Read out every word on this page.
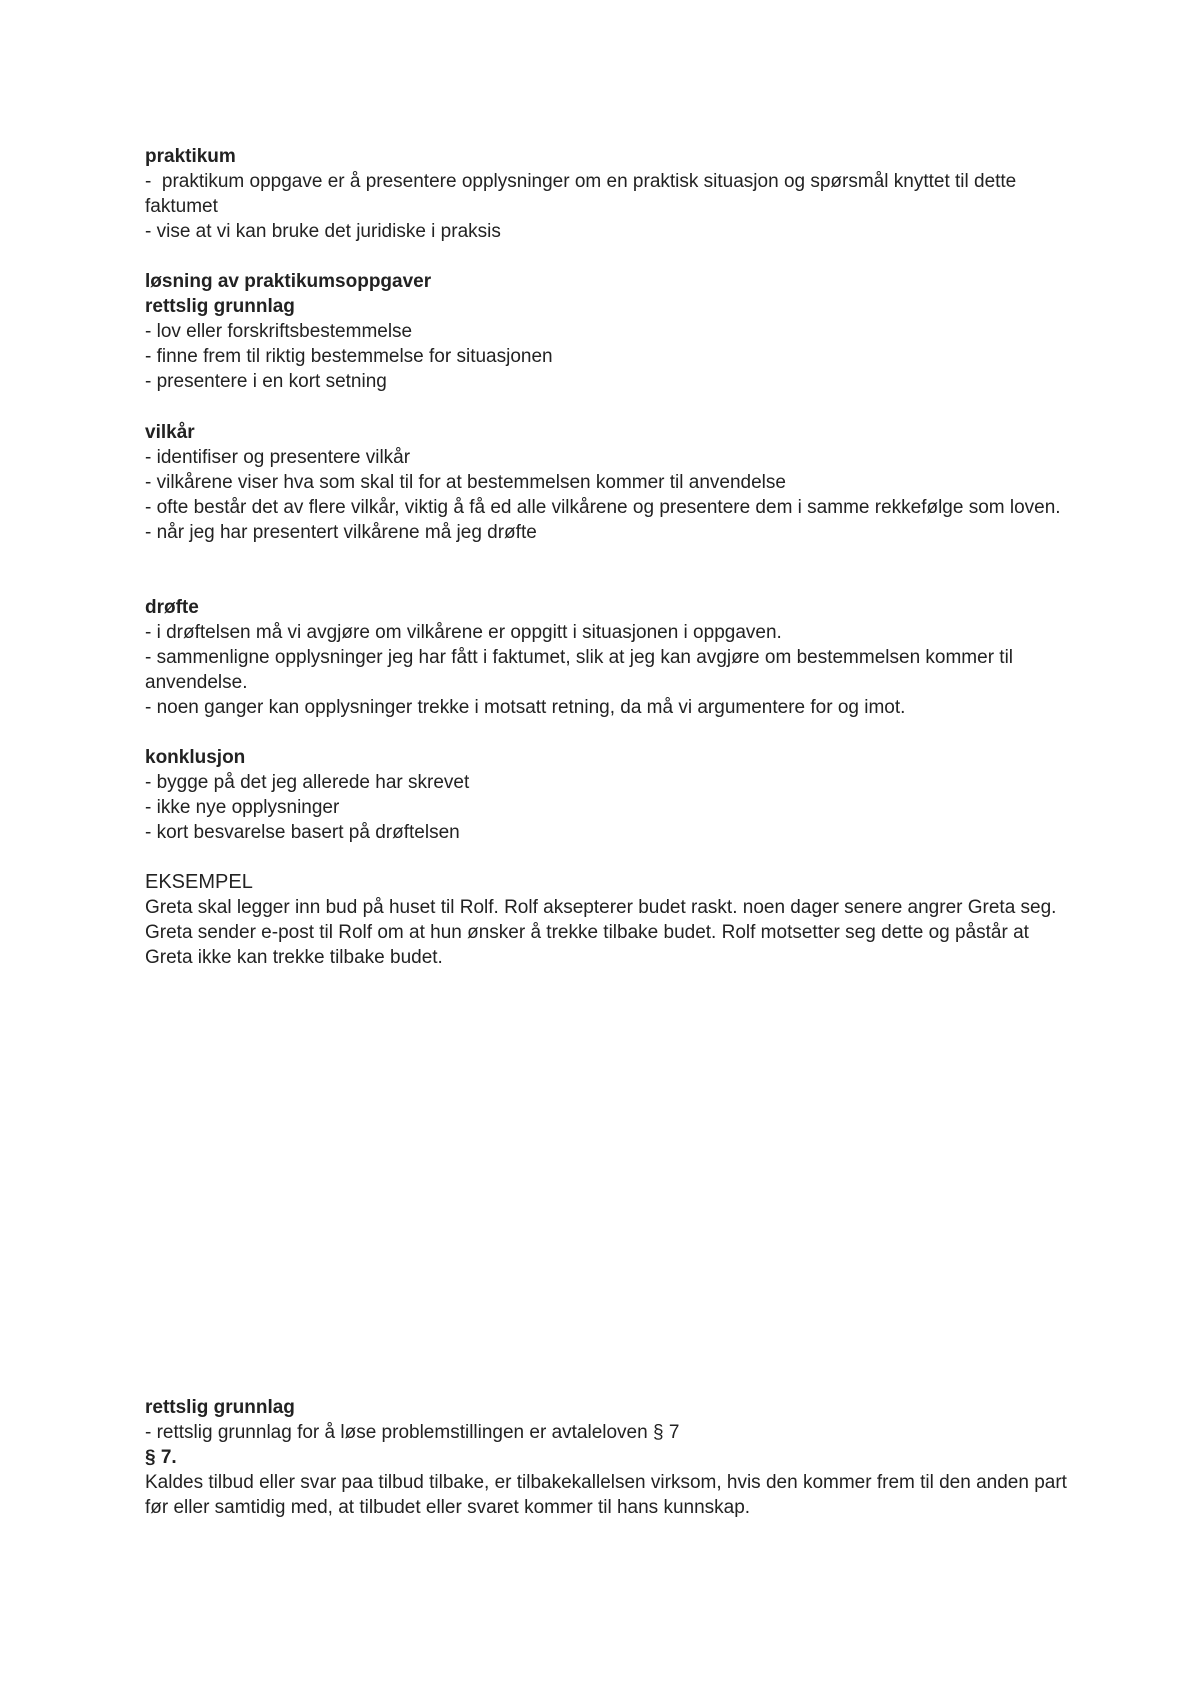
praktikum
-  praktikum oppgave er å presentere opplysninger om en praktisk situasjon og spørsmål knyttet til dette faktumet
- vise at vi kan bruke det juridiske i praksis
løsning av praktikumsoppgaver
rettslig grunnlag
- lov eller forskriftsbestemmelse
- finne frem til riktig bestemmelse for situasjonen
- presentere i en kort setning
vilkår
- identifiser og presentere vilkår
- vilkårene viser hva som skal til for at bestemmelsen kommer til anvendelse
- ofte består det av flere vilkår, viktig å få ed alle vilkårene og presentere dem i samme rekkefølge som loven.
- når jeg har presentert vilkårene må jeg drøfte
drøfte
- i drøftelsen må vi avgjøre om vilkårene er oppgitt i situasjonen i oppgaven.
- sammenligne opplysninger jeg har fått i faktumet, slik at jeg kan avgjøre om bestemmelsen kommer til anvendelse.
- noen ganger kan opplysninger trekke i motsatt retning, da må vi argumentere for og imot.
konklusjon
- bygge på det jeg allerede har skrevet
- ikke nye opplysninger
- kort besvarelse basert på drøftelsen
EKSEMPEL
Greta skal legger inn bud på huset til Rolf. Rolf aksepterer budet raskt. noen dager senere angrer Greta seg. Greta sender e-post til Rolf om at hun ønsker å trekke tilbake budet. Rolf motsetter seg dette og påstår at Greta ikke kan trekke tilbake budet.
rettslig grunnlag
- rettslig grunnlag for å løse problemstillingen er avtaleloven § 7
§ 7.
Kaldes tilbud eller svar paa tilbud tilbake, er tilbakekallelsen virksom, hvis den kommer frem til den anden part før eller samtidig med, at tilbudet eller svaret kommer til hans kunnskap.
